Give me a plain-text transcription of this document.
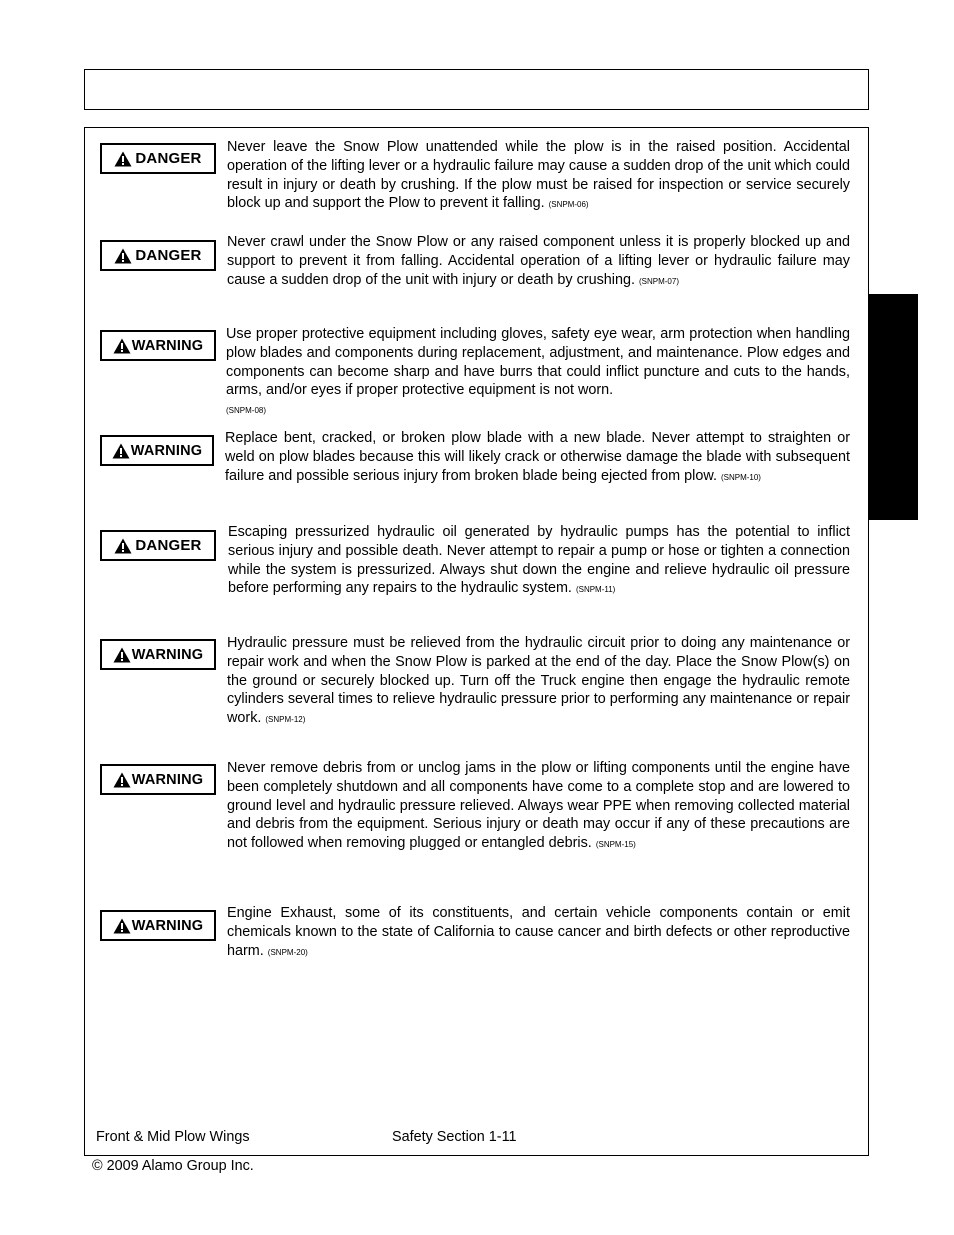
DANGER
Never leave the Snow Plow unattended while the plow is in the raised position. Accidental operation of the lifting lever or a hydraulic failure may cause a sudden drop of the unit which could result in injury or death by crushing. If the plow must be raised for inspection or service securely block up and support the Plow to prevent it falling. (SNPM-06)
DANGER
Never crawl under the Snow Plow or any raised component unless it is properly blocked up and support to prevent it from falling. Accidental operation of a lifting lever or hydraulic failure may cause a sudden drop of the unit with injury or death by crushing. (SNPM-07)
WARNING
Use proper protective equipment including gloves, safety eye wear, arm protection when handling plow blades and components during replacement, adjustment, and maintenance. Plow edges and components can become sharp and have burrs that could inflict puncture and cuts to the hands, arms, and/or eyes if proper protective equipment is not worn.
(SNPM-08)
WARNING
Replace bent, cracked, or broken plow blade with a new blade. Never attempt to straighten or weld on plow blades because this will likely crack or otherwise damage the blade with subsequent failure and possible serious injury from broken blade being ejected from plow. (SNPM-10)
DANGER
Escaping pressurized hydraulic oil generated by hydraulic pumps has the potential to inflict serious injury and possible death. Never attempt to repair a pump or hose or tighten a connection while the system is pressurized. Always shut down the engine and relieve hydraulic oil pressure before performing any repairs to the hydraulic system. (SNPM-11)
WARNING
Hydraulic pressure must be relieved from the hydraulic circuit prior to doing any maintenance or repair work and when the Snow Plow is parked at the end of the day. Place the Snow Plow(s) on the ground or securely blocked up. Turn off the Truck engine then engage the hydraulic remote cylinders several times to relieve hydraulic pressure prior to performing any maintenance or repair work. (SNPM-12)
WARNING
Never remove debris from or unclog jams in the plow or lifting components until the engine have been completely shutdown and all components have come to a complete stop and are lowered to ground level and hydraulic pressure relieved. Always wear PPE when removing collected material and debris from the equipment. Serious injury or death may occur if any of these precautions are not followed when removing plugged or entangled debris. (SNPM-15)
WARNING
Engine Exhaust, some of its constituents, and certain vehicle components contain or emit chemicals known to the state of California to cause cancer and birth defects or other reproductive harm. (SNPM-20)
Front & Mid Plow Wings	Safety Section 1-11
© 2009 Alamo Group Inc.
